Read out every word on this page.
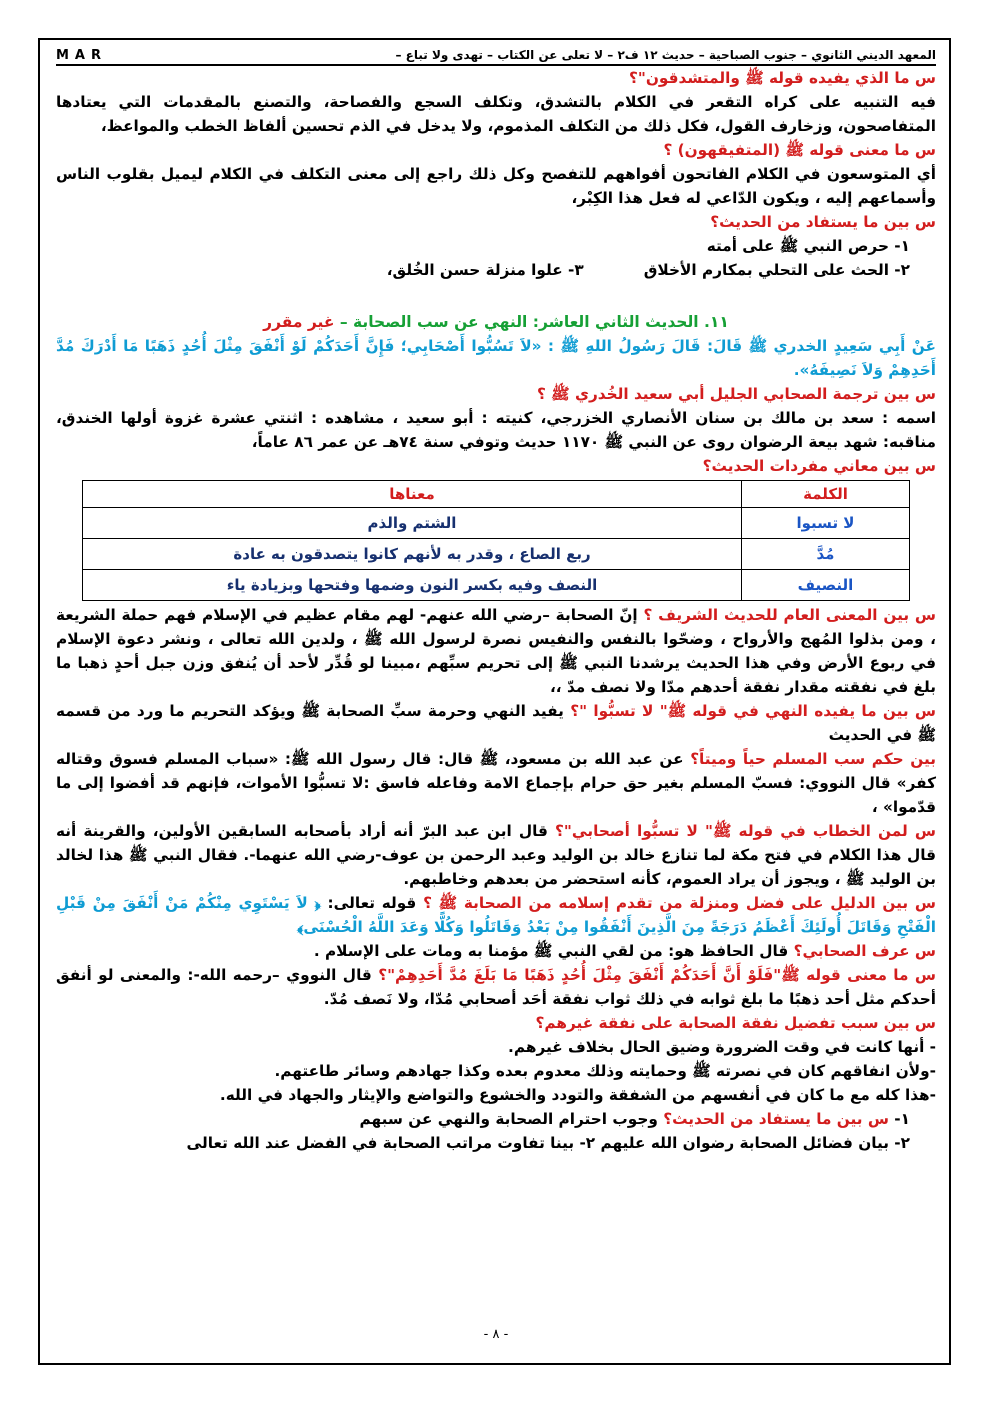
المعهد الديني الثانوي – جنوب الصباحية – حديث ١٢ ف٢ – لا تعلى عن الكتاب – تهدى ولا تباع –
MAR

س ما الذي يفيده قوله ﷺ والمتشدقون"؟

فيه التنبيه على كراه التقعر في الكلام بالتشدق، وتكلف السجع والفصاحة، والتصنع بالمقدمات التي يعتادها المتفاصحون، وزخارف القول، فكل ذلك من التكلف المذموم، ولا يدخل في الذم تحسين ألفاظ الخطب والمواعظ،

س ما معنى قوله ﷺ (المتفيقهون) ؟

أي المتوسعون في الكلام الفاتحون أفواههم للتفصح وكل ذلك راجع إلى معنى التكلف في الكلام ليميل بقلوب الناس وأسماعهم إليه ، ويكون الدّاعي له فعل هذا الكِبْر،

س بين ما يستفاد من الحديث؟

١- حرص النبي ﷺ على أمته

٢- الحث على التحلي بمكارم الأخلاق

٣- علوا منزلة حسن الخُلق،

١١. الحديث الثاني العاشر: النهي عن سب الصحابة – غير مقرر

عَنْ أَبِي سَعِيدٍ الخدري ﷺ قَالَ: قَالَ رَسُولُ اللهِ ﷺ : «لاَ تَسُبُّوا أَصْحَابِي؛ فَإِنَّ أَحَدَكُمْ لَوْ أَنْفَقَ مِثْلَ أُحُدٍ ذَهَبًا مَا أَدْرَكَ مُدَّ أَحَدِهِمْ وَلاَ نَصِيفَهُ».

س بين ترجمة الصحابي الجليل أبي سعيد الخُدري ﷺ ؟

اسمه : سعد بن مالك بن سنان الأنصاري الخزرجي، كنيته : أبو سعيد ، مشاهده : اثنتي عشرة غزوة أولها الخندق، مناقبه: شهد بيعة الرضوان روى عن النبي ﷺ ١١٧٠ حديث وتوفي سنة ٧٤هـ عن عمر ٨٦ عاماً،

س بين معاني مفردات الحديث؟

الكلمة	معناها
لا تسبوا	الشتم والذم
مُدَّ	ربع الصاع ، وقدر به لأنهم كانوا يتصدقون به عادة
النصيف	النصف وفيه بكسر النون وضمها وفتحها وبزيادة ياء

س بين المعنى العام للحديث الشريف ؟ إنّ الصحابة –رضي الله عنهم- لهم مقام عظيم في الإسلام فهم حملة الشريعة ، ومن بذلوا المُهج والأرواح ، وضحّوا بالنفس والنفيس نصرة لرسول الله ﷺ ، ولدين الله تعالى ، ونشر دعوة الإسلام في ربوع الأرض وفي هذا الحديث يرشدنا النبي ﷺ إلى تحريم سبِّهم ،مبينا لو قُدِّر لأحد أن يُنفق وزن جبل أحدٍ ذهبا ما بلغ في نفقته مقدار نفقة أحدهم مدّا ولا نصف مدّ ،،

س بين ما يفيده النهي في قوله ﷺ" لا تسبُّوا "؟ يفيد النهي وحرمة سبِّ الصحابة ﷺ ويؤكد التحريم ما ورد من قسمه ﷺ في الحديث

بين حكم سب المسلم حياً وميتاً؟ عن عبد الله بن مسعود، ﷺ قال: قال رسول الله ﷺ: «سباب المسلم فسوق وقتاله كفر» قال النووي: فسبّ المسلم بغير حق حرام بإجماع الامة وفاعله فاسق :لا تسبُّوا الأموات، فإنهم قد أفضوا إلى ما قدّموا» ،

س لمن الخطاب في قوله ﷺ" لا تسبُّوا أصحابي"؟ قال ابن عبد البرّ أنه أراد بأصحابه السابقين الأولين، والقرينة أنه قال هذا الكلام في فتح مكة لما تنازع خالد بن الوليد وعبد الرحمن بن عوف-رضي الله عنهما-. فقال النبي ﷺ هذا لخالد بن الوليد ﷺ ، ويجوز أن يراد العموم، كأنه استحضر من بعدهم وخاطبهم.

س بين الدليل على فضل ومنزلة من تقدم إسلامه من الصحابة ﷺ ؟ قوله تعالى: ﴿ لاَ يَسْتَوِي مِنْكُمْ مَنْ أَنْفَقَ مِنْ قَبْلِ الْفَتْحِ وَقَاتَلَ أُولَئِكَ أَعْظَمُ دَرَجَةً مِنَ الَّذِينَ أَنْفَقُوا مِنْ بَعْدُ وَقَاتَلُوا وَكُلًّا وَعَدَ اللَّهُ الْحُسْنَى﴾

س عرف الصحابي؟ قال الحافظ هو: من لقي النبي ﷺ مؤمنا به ومات على الإسلام .

س ما معنى قوله ﷺ"فَلَوْ أَنَّ أَحَدَكُمْ أَنْفَقَ مِثْلَ أُحُدٍ ذَهَبًا مَا بَلَغَ مُدَّ أَحَدِهِمْ"؟ قال النووي –رحمه الله-: والمعنى لو أنفق أحدكم مثل أحد ذهبًا ما بلغ ثوابه في ذلك ثواب نفقة أحَد أصحابي مُدّا، ولا نَصف مُدّ.

س بين سبب تفضيل نفقة الصحابة على نفقة غيرهم؟

- أنها كانت في وقت الضرورة وضيق الحال بخلاف غيرهم.

-ولأن انفاقهم كان في نصرته ﷺ وحمايته وذلك معدوم بعده وكذا جهادهم وسائر طاعتهم.

-هذا كله مع ما كان في أنفسهم من الشفقة والتودد والخشوع والتواضع والإيثار والجهاد في الله.

١- س بين ما يستفاد من الحديث؟ وجوب احترام الصحابة والنهي عن سبهم

٢- بيان فضائل الصحابة رضوان الله عليهم ٢- بينا تفاوت مراتب الصحابة في الفضل عند الله تعالى

- ٨ -
